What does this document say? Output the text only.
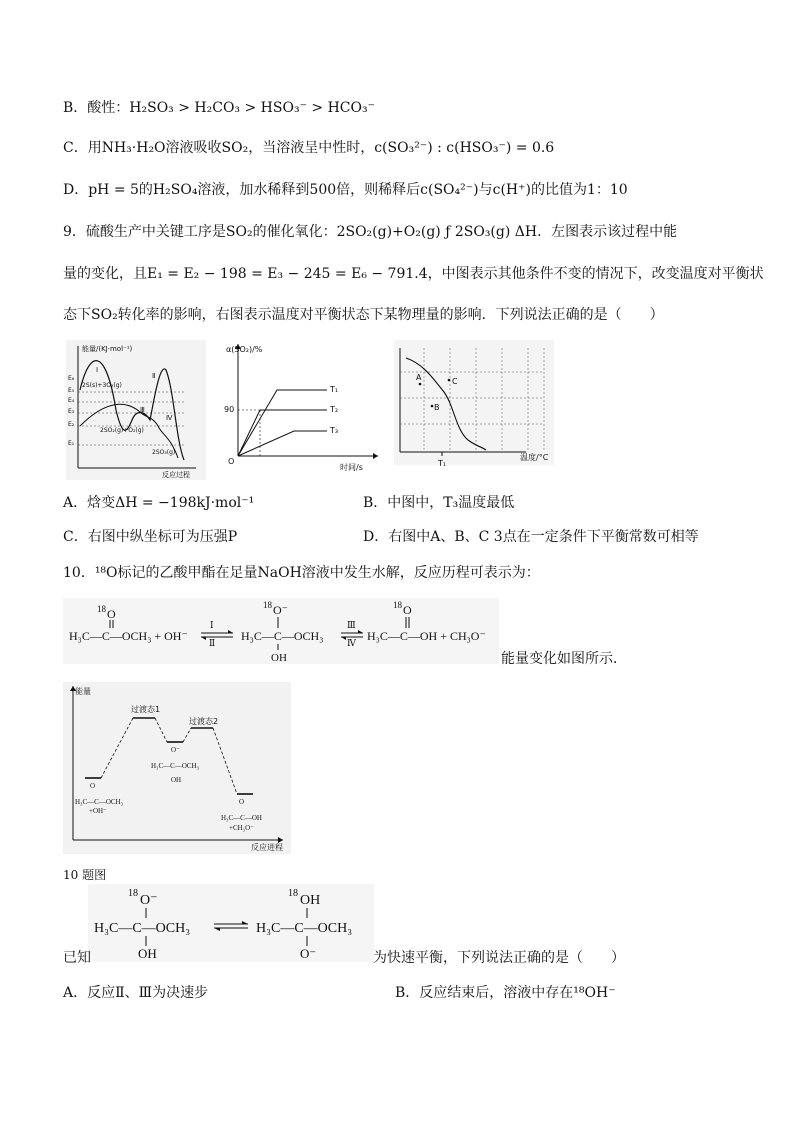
B．酸性：H₂SO₃ > H₂CO₃ > HSO₃⁻ > HCO₃⁻
C．用NH₃·H₂O溶液吸收SO₂，当溶液呈中性时，c(SO₃²⁻) : c(HSO₃⁻) = 0.6
D．pH = 5的H₂SO₄溶液，加水稀释到500倍，则稀释后c(SO₄²⁻)与c(H⁺)的比值为1：10
9．硫酸生产中关键工序是SO₂的催化氧化：2SO₂(g)+O₂(g) ƒ 2SO₃(g) ΔH．左图表示该过程中能
量的变化，且E₁ = E₂ − 198 = E₃ − 245 = E₆ − 791.4，中图表示其他条件不变的情况下，改变温度对平衡状
态下SO₂转化率的影响，右图表示温度对平衡状态下某物理量的影响．下列说法正确的是（　　）
能量/(KJ·mol⁻¹)
反应过程
E₆
E₅
E₄
E₃
E₂
E₁
2S(s)+3O₂(g)
2SO₂(g)+O₂(g)
2SO₃(g)
Ⅰ
Ⅱ
Ⅲ
Ⅳ
α(SO₂)/%
时间/s
O
90
T₁
T₂
T₃
A
B
C
T₁
温度/°C
A．焓变ΔH = −198kJ·mol⁻¹	B．中图中，T₃温度最低
C．右图中纵坐标可为压强P	D．右图中A、B、C 3点在一定条件下平衡常数可相等
10．¹⁸O标记的乙酸甲酯在足量NaOH溶液中发生水解，反应历程可表示为：
18 O
H₃C—C—OCH₃ + OH⁻
Ⅰ
Ⅱ
18 O⁻
H₃C—C—OCH₃
OH
Ⅲ
Ⅳ
18 O
H₃C—C—OH + CH₃O⁻
能量变化如图所示．
能量
反应进程
过渡态1
过渡态2
O
H₃C—C—OCH₃
+OH⁻
O⁻
H₃C—C—OCH₃
OH
O
H₃C—C—OH
+CH₃O⁻
10 题图
18 O⁻
H₃C—C—OCH₃
OH
18 OH
H₃C—C—OCH₃
O⁻
已知	为快速平衡，下列说法正确的是（　　）
A．反应Ⅱ、Ⅲ为决速步	B．反应结束后，溶液中存在¹⁸OH⁻
